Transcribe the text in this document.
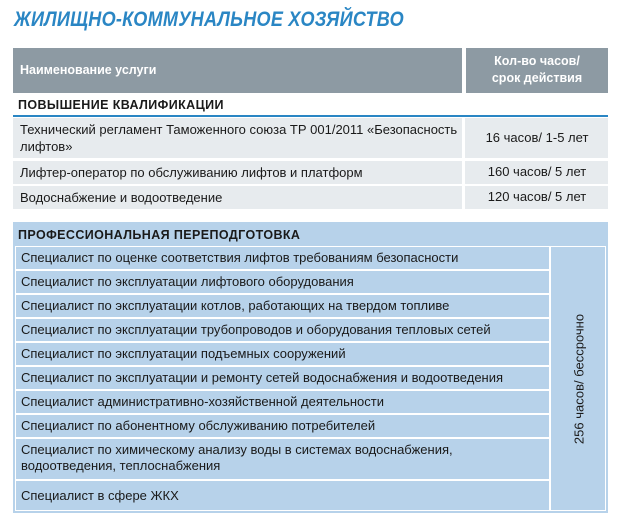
ЖИЛИЩНО-КОММУНАЛЬНОЕ ХОЗЯЙСТВО
Наименование услуги
Кол-во часов/
срок действия
ПОВЫШЕНИЕ КВАЛИФИКАЦИИ
Технический регламент Таможенного союза ТР 001/2011 «Безопасность
лифтов»
16 часов/ 1-5 лет
Лифтер-оператор по обслуживанию лифтов и платформ	160 часов/ 5 лет
Водоснабжение и водоотведение	120 часов/ 5 лет
ПРОФЕССИОНАЛЬНАЯ ПЕРЕПОДГОТОВКА
Специалист по оценке соответствия лифтов требованиям безопасности
Специалист по эксплуатации лифтового оборудования
Специалист по эксплуатации котлов, работающих на твердом топливе
Специалист по эксплуатации трубопроводов и оборудования тепловых сетей
Специалист по эксплуатации подъемных сооружений
Специалист по эксплуатации и ремонту сетей водоснабжения и водоотведения
Специалист административно-хозяйственной деятельности
Специалист по абонентному обслуживанию потребителей
Специалист по химическому анализу воды в системах водоснабжения,
водоотведения, теплоснабжения
Специалист в сфере ЖКХ
256 часов/ бессрочно
